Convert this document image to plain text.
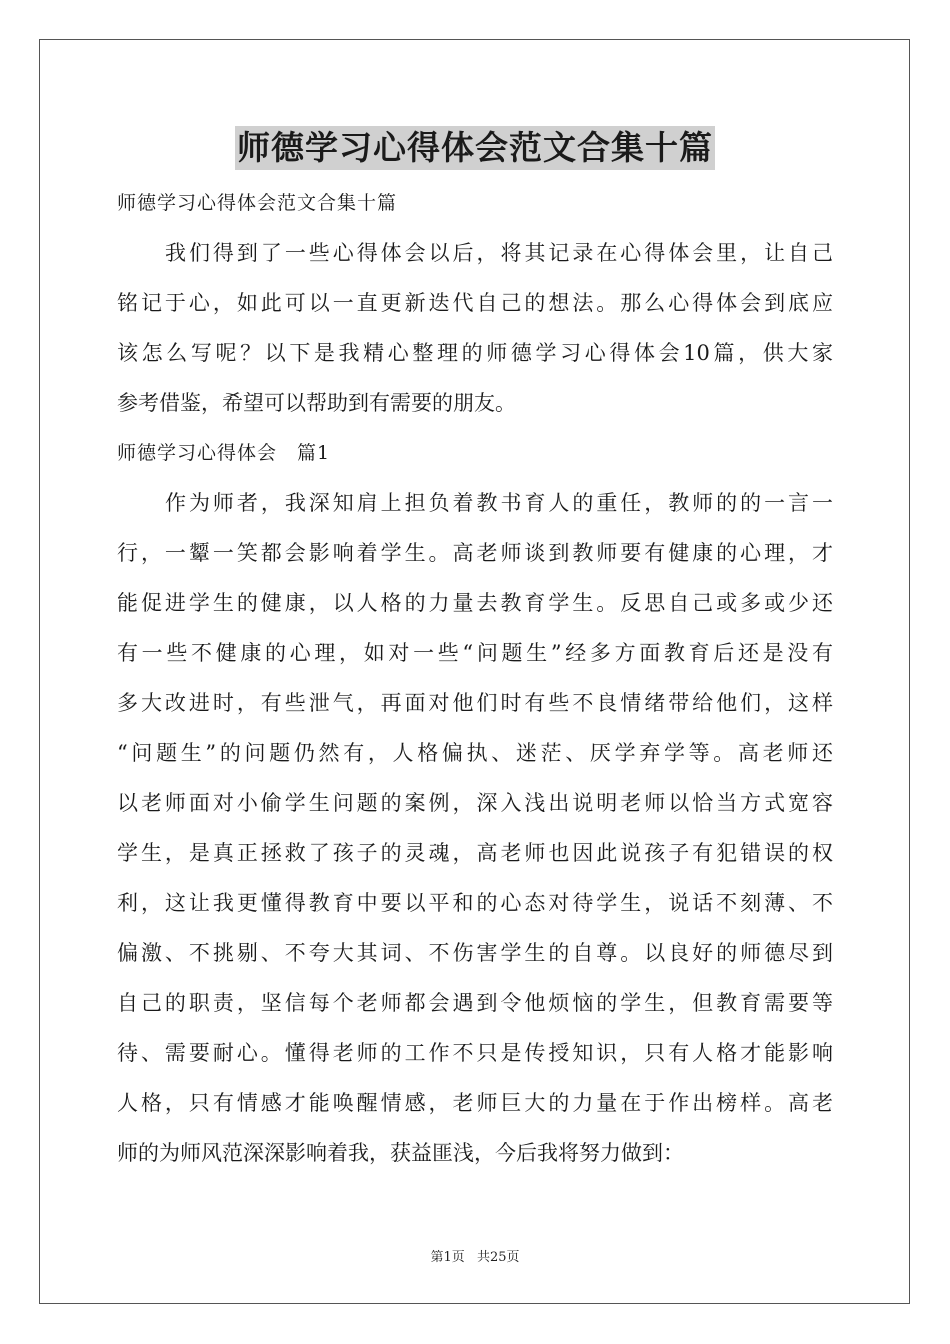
师德学习心得体会范文合集十篇
师德学习心得体会范文合集十篇
我们得到了一些心得体会以后，将其记录在心得体会里，让自己
铭记于心，如此可以一直更新迭代自己的想法。那么心得体会到底应
该怎么写呢？以下是我精心整理的师德学习心得体会10篇，供大家
参考借鉴，希望可以帮助到有需要的朋友。
师德学习心得体会　篇1
作为师者，我深知肩上担负着教书育人的重任，教师的的一言一
行，一颦一笑都会影响着学生。高老师谈到教师要有健康的心理，才
能促进学生的健康，以人格的力量去教育学生。反思自己或多或少还
有一些不健康的心理，如对一些“问题生”经多方面教育后还是没有
多大改进时，有些泄气，再面对他们时有些不良情绪带给他们，这样
“问题生”的问题仍然有，人格偏执、迷茫、厌学弃学等。高老师还
以老师面对小偷学生问题的案例，深入浅出说明老师以恰当方式宽容
学生，是真正拯救了孩子的灵魂，高老师也因此说孩子有犯错误的权
利，这让我更懂得教育中要以平和的心态对待学生，说话不刻薄、不
偏激、不挑剔、不夸大其词、不伤害学生的自尊。以良好的师德尽到
自己的职责，坚信每个老师都会遇到令他烦恼的学生，但教育需要等
待、需要耐心。懂得老师的工作不只是传授知识，只有人格才能影响
人格，只有情感才能唤醒情感，老师巨大的力量在于作出榜样。高老
师的为师风范深深影响着我，获益匪浅，今后我将努力做到：
第1页 共25页
